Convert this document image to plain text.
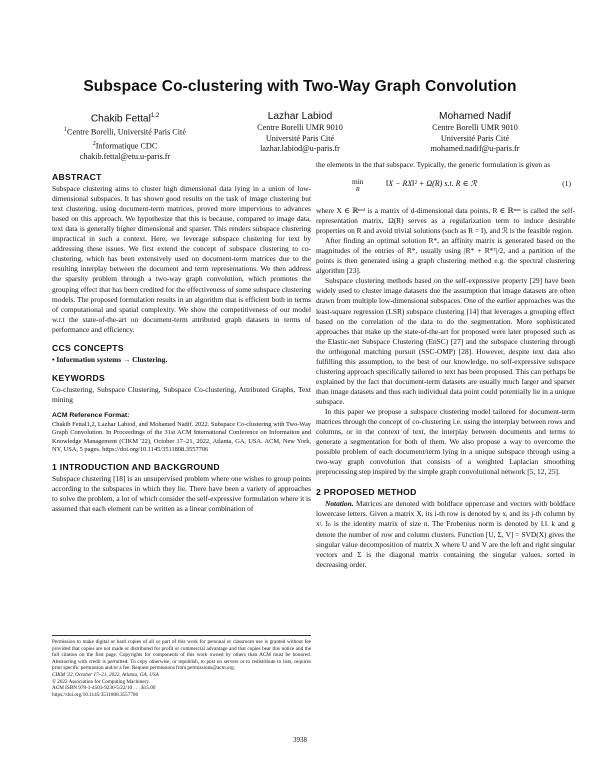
Subspace Co-clustering with Two-Way Graph Convolution
Chakib Fettal$^{1,2}$
$^1$Centre Borelli, Université Paris Cité
$^2$Informatique CDC
chakib.fettal@etu.u-paris.fr
Lazhar Labiod
Centre Borelli UMR 9010
Université Paris Cité
lazhar.labiod@u-paris.fr
Mohamed Nadif
Centre Borelli UMR 9010
Université Paris Cité
mohamed.nadif@u-paris.fr
ABSTRACT

Subspace clustering aims to cluster high dimensional data lying in a union of low-dimensional subspaces. It has shown good results on the task of image clustering but text clustering, using document-term matrices, proved more impervious to advances based on this approach. We hypothesize that this is because, compared to image data, text data is generally higher dimensional and sparser. This renders subspace clustering impractical in such a context. Here, we leverage subspace clustering for text by addressing these issues. We first extend the concept of subspace clustering to co-clustering, which has been extensively used on document-term matrices due to the resulting interplay between the document and term representations. We then address the sparsity problem through a two-way graph convolution, which promotes the grouping effect that has been credited for the effectiveness of some subspace clustering models. The proposed formulation results in an algorithm that is efficient both in terms of computational and spatial complexity. We show the competitiveness of our model w.r.t the state-of-the-art on document-term attributed graph datasets in terms of performance and efficiency.

CCS CONCEPTS

• Information systems → Clustering.

KEYWORDS

Co-clustering, Subspace Clustering, Subspace Co-clustering, Attributed Graphs, Text mining

ACM Reference Format:

Chakib Fettal1,2, Lazhar Labiod, and Mohamed Nadif. 2022. Subspace Co-clustering with Two-Way Graph Convolution. In Proceedings of the 31st ACM International Conference on Information and Knowledge Management (CIKM '22), October 17–21, 2022, Atlanta, GA, USA. ACM, New York, NY, USA, 5 pages. https://doi.org/10.1145/3511808.3557706

1 INTRODUCTION AND BACKGROUND

Subspace clustering [18] is an unsupervised problem where one wishes to group points according to the subspaces in which they lie. There have been a variety of approaches to solve the problem, a lot of which consider the self-expressive formulation where it is assumed that each element can be written as a linear combination of

Permission to make digital or hard copies of all or part of this work for personal or classroom use is granted without fee provided that copies are not made or distributed for profit or commercial advantage and that copies bear this notice and the full citation on the first page. Copyrights for components of this work owned by others than ACM must be honored. Abstracting with credit is permitted. To copy otherwise, or republish, to post on servers or to redistribute to lists, requires prior specific permission and/or a fee. Request permissions from permissions@acm.org.

CIKM '22, October 17–21, 2022, Atlanta, GA, USA

© 2022 Association for Computing Machinery.

ACM ISBN 978-1-4503-9236-5/22/10 . . . $15.00

https://doi.org/10.1145/3511808.3557706

the elements in the that subspace. Typically, the generic formulation is given as

min
R
‖X − RX‖² + Ω(R) s.t. R ∈ ℛ	(1)

where X ∈ ℝⁿˣᵈ is a matrix of d-dimensional data points, R ∈ ℝⁿˣⁿ is called the self-representation matrix, Ω(R) serves as a regularization term to induce desirable properties on R and avoid trivial solutions (such as R = I), and ℛ is the feasible region.

After finding an optimal solution R*, an affinity matrix is generated based on the magnitudes of the entries of R*, usually using |R* + R*ᵀ|/2, and a partition of the points is then generated using a graph clustering method e.g. the spectral clustering algorithm [23].

Subspace clustering methods based on the self-expressive property [29] have been widely used to cluster image datasets due the assumption that image datasets are often drawn from multiple low-dimensional subspaces. One of the earlier approaches was the least-square regression (LSR) subspace clustering [14] that leverages a grouping effect based on the correlation of the data to do the segmentation. More sophisticated approaches that make up the state-of-the-art for proposed were later proposed such as the Elastic-net Subspace Clustering (EnSC) [27] and the subspace clustering through the orthogonal matching pursuit (SSC-OMP) [28]. However, despite text data also fulfilling this assumption, to the best of our knowledge, no self-expressive subspace clustering approach specifically tailored to text has been proposed. This can perhaps be explained by the fact that document-term datasets are usually much larger and sparser than image datasets and thus each individual data point could potentially lie in a unique subspace.

In this paper we propose a subspace clustering model tailored for document-term matrices through the concept of co-clustering i.e. using the interplay between rows and columns, or in the context of text, the interplay between documents and terms to generate a segmentation for both of them. We also propose a way to overcome the possible problem of each document/term lying in a unique subspace through using a two-way graph convolution that consists of a weighted Laplacian smoothing preprocessing step inspired by the simple graph convolutional network [5, 12, 25].

2 PROPOSED METHOD

Notation. Matrices are denoted with boldface uppercase and vectors with boldface lowercase letters. Given a matrix X, its i-th row is denoted by xᵢ and its j-th column by xʲ. Iₙ is the identity matrix of size n. The Frobenius norm is denoted by ‖.‖. k and g denote the number of row and column clusters. Function [U, Σ, V] = SVD(X) gives the singular value decomposition of matrix X where U and V are the left and right singular vectors and Σ is the diagonal matrix containing the singular values, sorted in decreasing order.

3938
